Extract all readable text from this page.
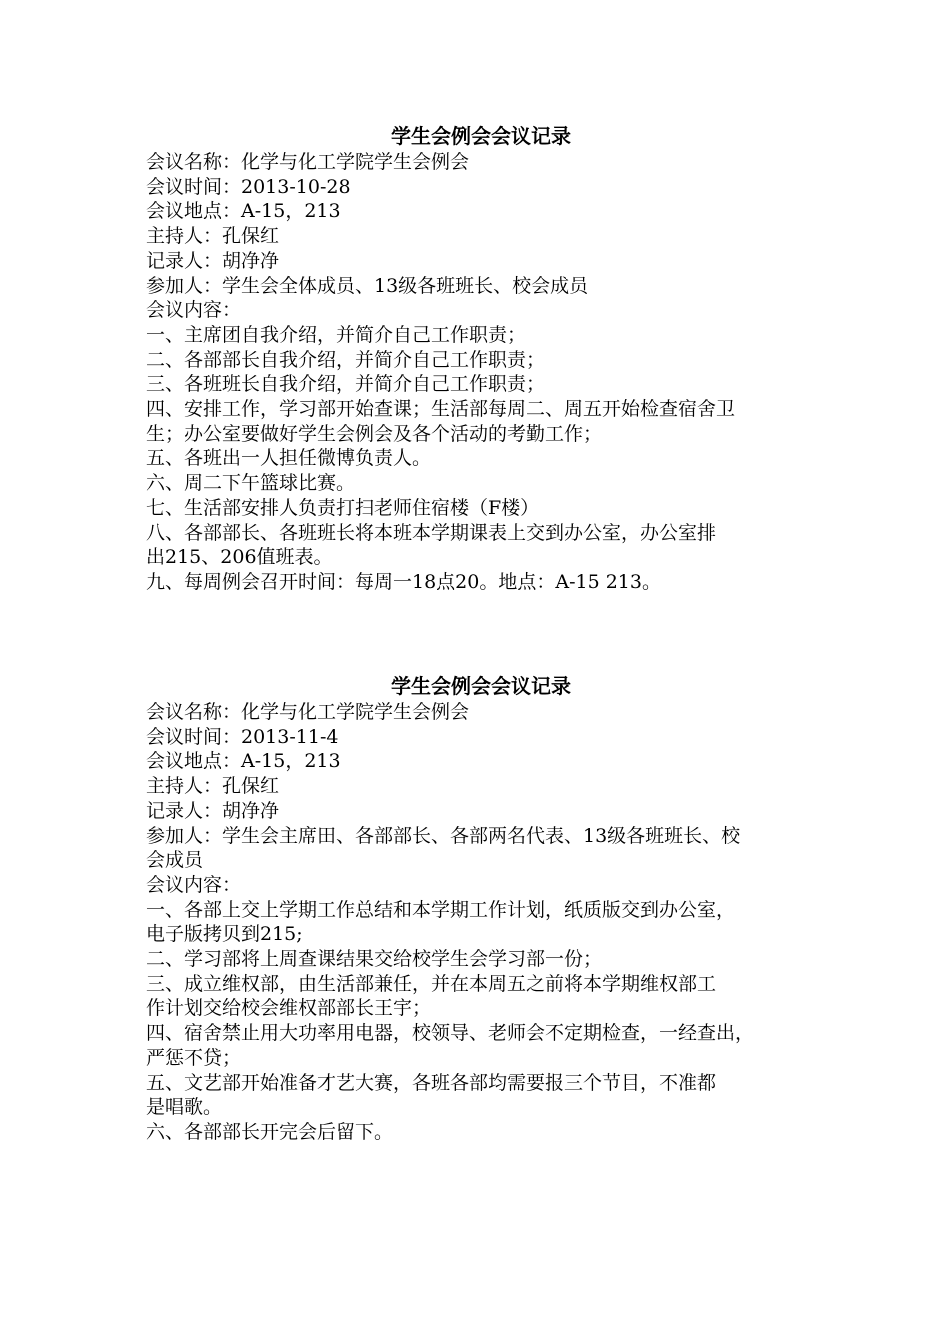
学生会例会会议记录
会议名称：化学与化工学院学生会例会
会议时间：2013-10-28
会议地点：A-15，213
主持人：孔保红
记录人：胡净净
参加人：学生会全体成员、13级各班班长、校会成员
会议内容：
一、主席团自我介绍，并简介自己工作职责；
二、各部部长自我介绍，并简介自己工作职责；
三、各班班长自我介绍，并简介自己工作职责；
四、安排工作，学习部开始查课；生活部每周二、周五开始检查宿舍卫
生；办公室要做好学生会例会及各个活动的考勤工作；
五、各班出一人担任微博负责人。
六、周二下午篮球比赛。
七、生活部安排人负责打扫老师住宿楼（F楼）
八、各部部长、各班班长将本班本学期课表上交到办公室，办公室排
出215、206值班表。
九、每周例会召开时间：每周一18点20。地点：A-15 213。
学生会例会会议记录
会议名称：化学与化工学院学生会例会
会议时间：2013-11-4
会议地点：A-15，213
主持人：孔保红
记录人：胡净净
参加人：学生会主席田、各部部长、各部两名代表、13级各班班长、校
会成员
会议内容：
一、各部上交上学期工作总结和本学期工作计划，纸质版交到办公室，
电子版拷贝到215;
二、学习部将上周查课结果交给校学生会学习部一份；
三、成立维权部，由生活部兼任，并在本周五之前将本学期维权部工
作计划交给校会维权部部长王宇；
四、宿舍禁止用大功率用电器，校领导、老师会不定期检查，一经查出，
严惩不贷；
五、文艺部开始准备才艺大赛，各班各部均需要报三个节目，不准都
是唱歌。
六、各部部长开完会后留下。
